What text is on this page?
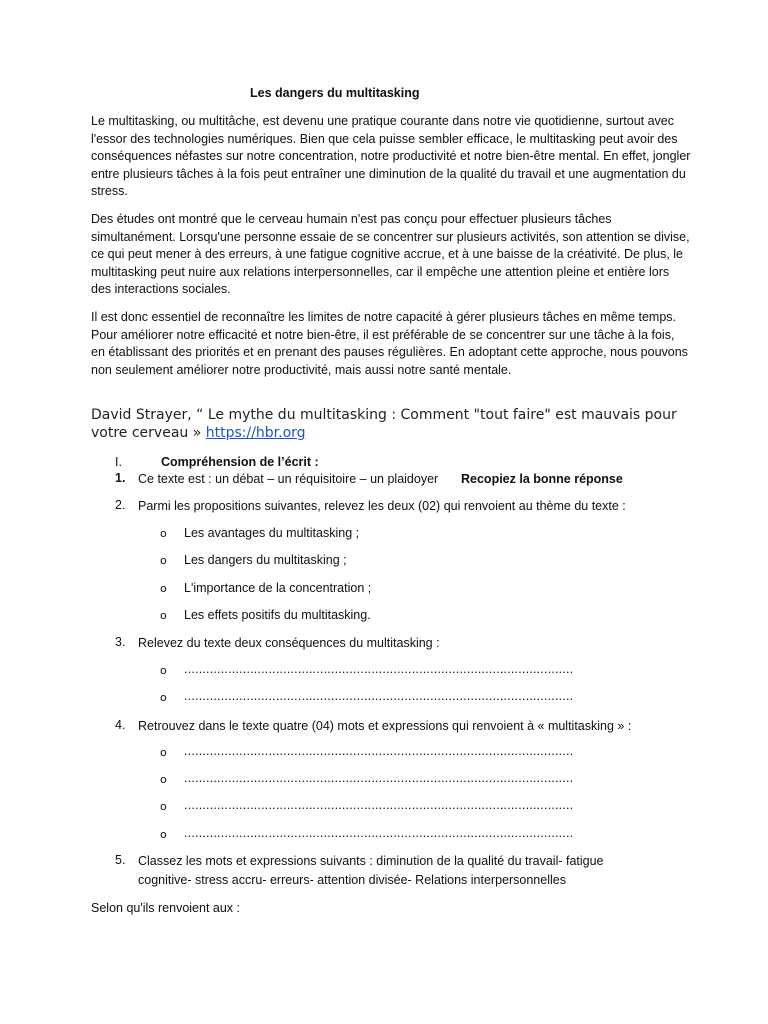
Les dangers du multitasking

Le multitasking, ou multitâche, est devenu une pratique courante dans notre vie quotidienne, surtout avec l'essor des technologies numériques. Bien que cela puisse sembler efficace, le multitasking peut avoir des conséquences néfastes sur notre concentration, notre productivité et notre bien-être mental. En effet, jongler entre plusieurs tâches à la fois peut entraîner une diminution de la qualité du travail et une augmentation du stress.

Des études ont montré que le cerveau humain n'est pas conçu pour effectuer plusieurs tâches simultanément. Lorsqu'une personne essaie de se concentrer sur plusieurs activités, son attention se divise, ce qui peut mener à des erreurs, à une fatigue cognitive accrue, et à une baisse de la créativité. De plus, le multitasking peut nuire aux relations interpersonnelles, car il empêche une attention pleine et entière lors des interactions sociales.

Il est donc essentiel de reconnaître les limites de notre capacité à gérer plusieurs tâches en même temps. Pour améliorer notre efficacité et notre bien-être, il est préférable de se concentrer sur une tâche à la fois, en établissant des priorités et en prenant des pauses régulières. En adoptant cette approche, nous pouvons non seulement améliorer notre productivité, mais aussi notre santé mentale.

David Strayer, “ Le mythe du multitasking : Comment "tout faire" est mauvais pour votre cerveau » https://hbr.org
I.	Compréhension de l’écrit :
1. Ce texte est : un débat – un réquisitoire – un plaidoyer Recopiez la bonne réponse
2. Parmi les propositions suivantes, relevez les deux (02) qui renvoient au thème du texte :
o Les avantages du multitasking ;
o Les dangers du multitasking ;
o L'importance de la concentration ;
o Les effets positifs du multitasking.
3. Relevez du texte deux conséquences du multitasking :
o ..........................................................................................................
o ..........................................................................................................
4. Retrouvez dans le texte quatre (04) mots et expressions qui renvoient à « multitasking » :
o ..........................................................................................................
o ..........................................................................................................
o ..........................................................................................................
o ..........................................................................................................
5. Classez les mots et expressions suivants : diminution de la qualité du travail- fatigue
cognitive- stress accru- erreurs- attention divisée- Relations interpersonnelles
Selon qu'ils renvoient aux :
